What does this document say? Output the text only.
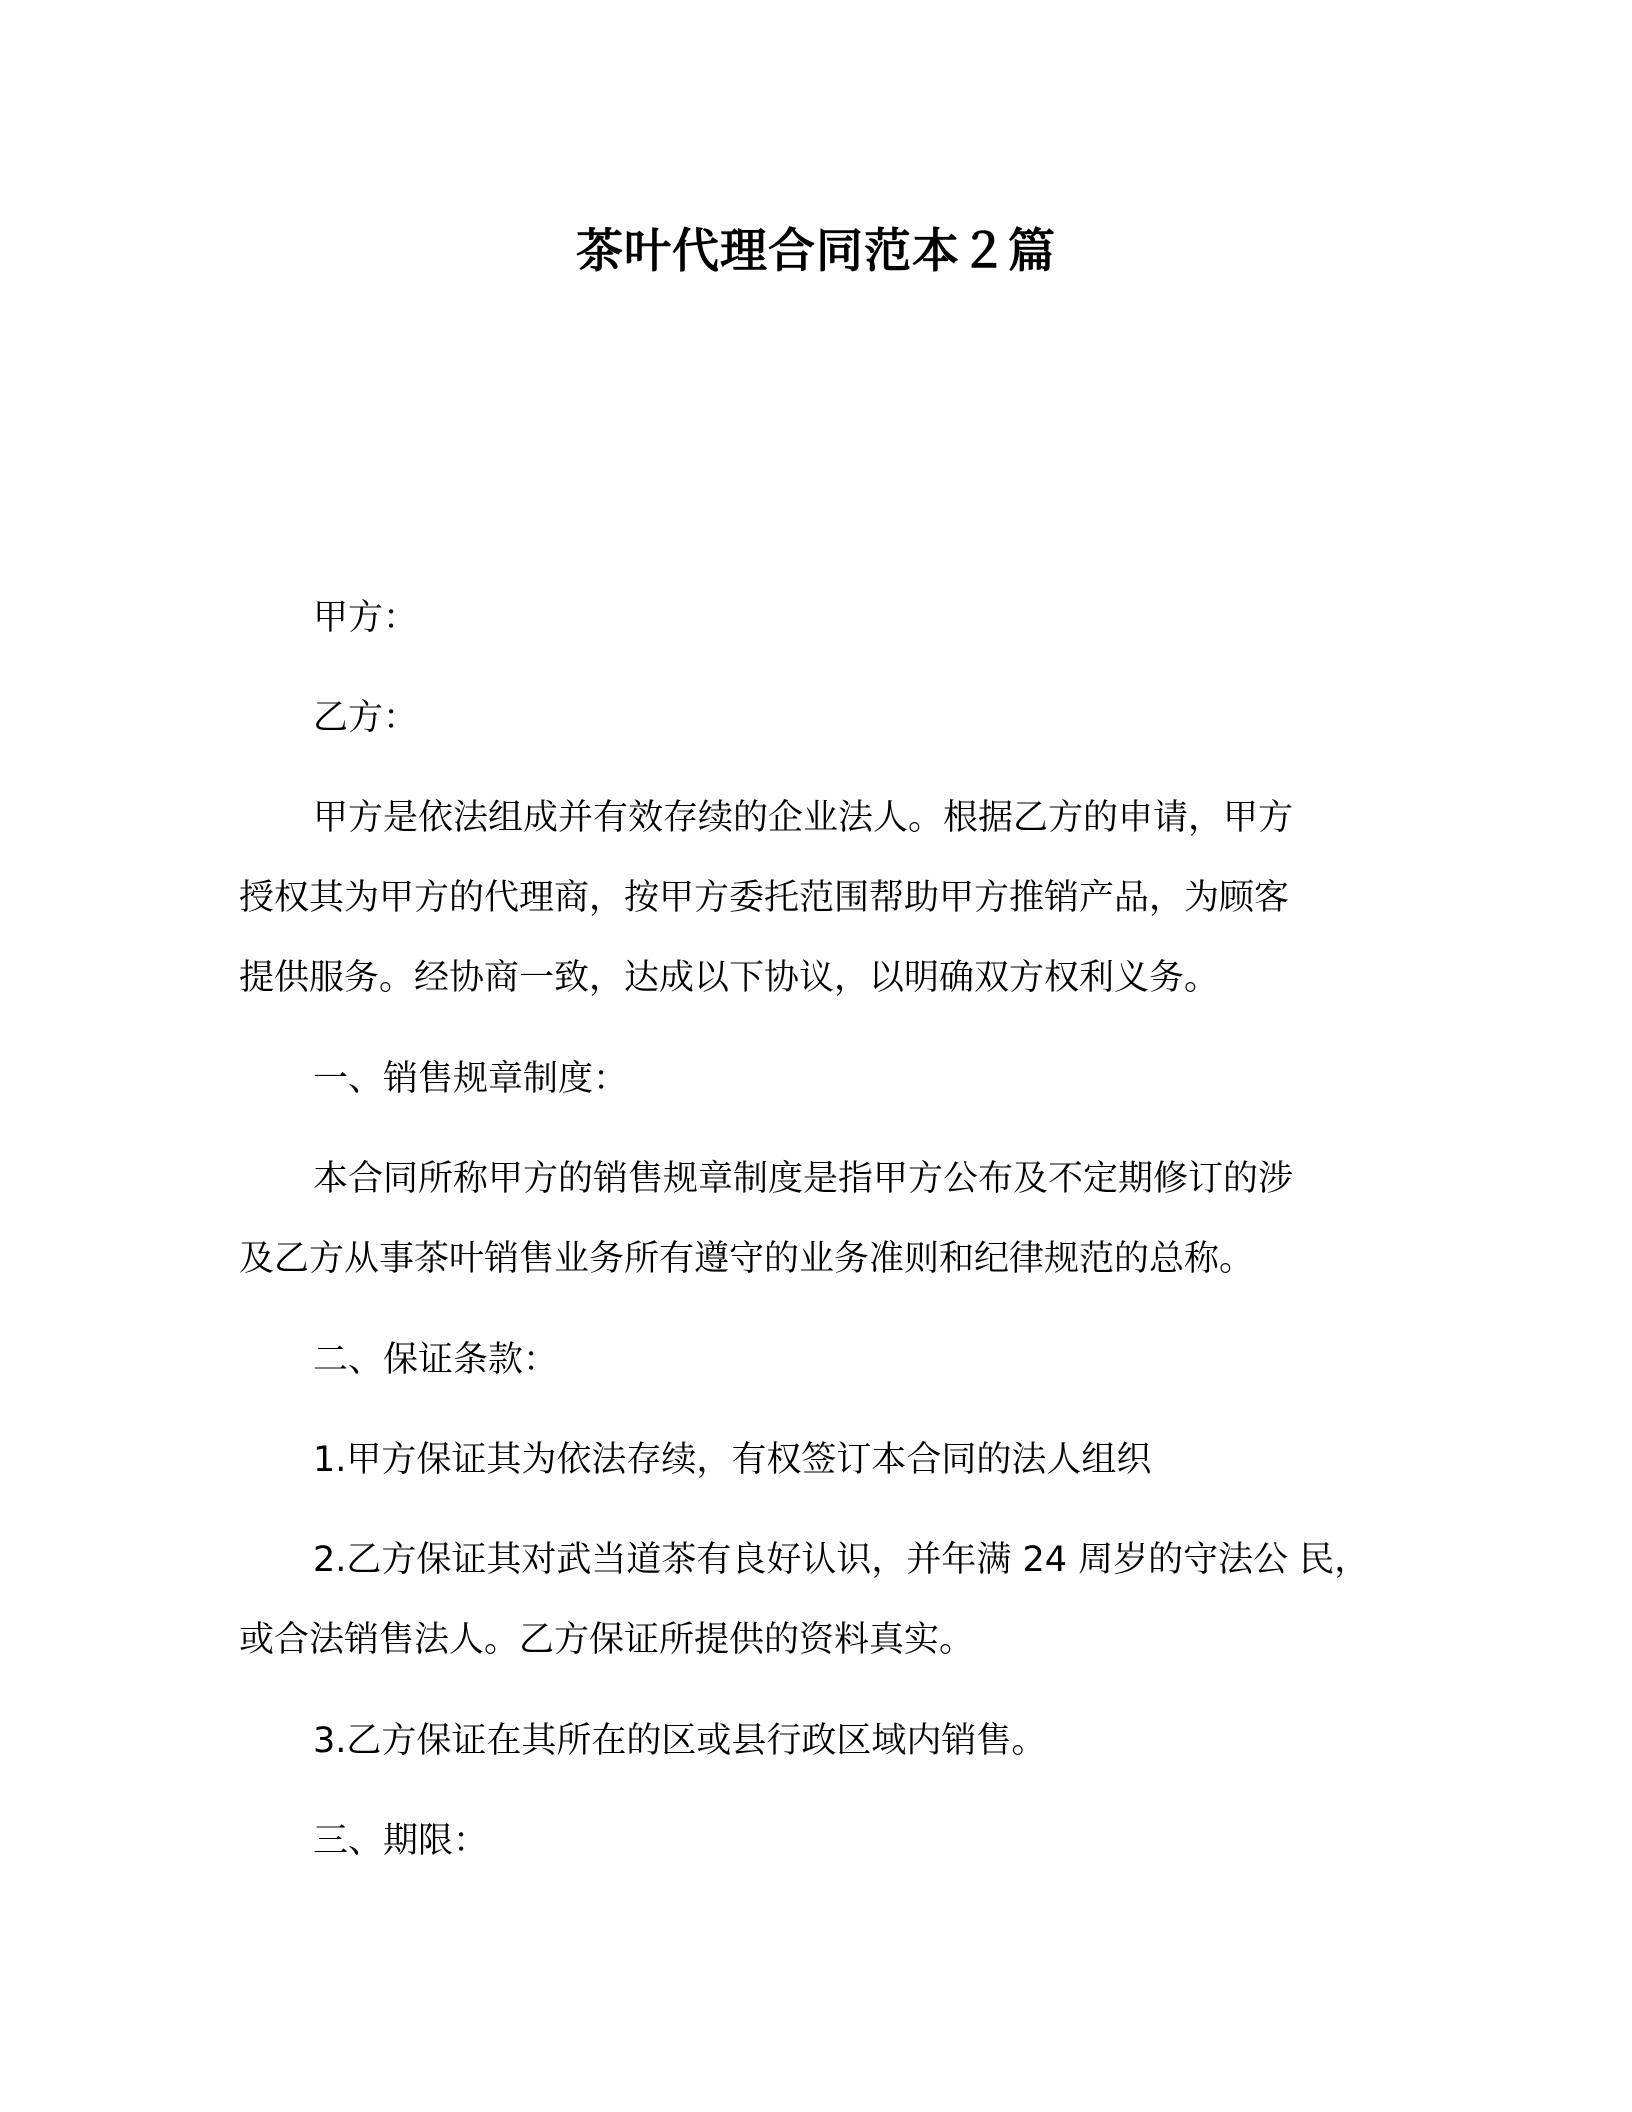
茶叶代理合同范本２篇
甲方：
乙方：
甲方是依法组成并有效存续的企业法人。根据乙方的申请，甲方
授权其为甲方的代理商，按甲方委托范围帮助甲方推销产品，为顾客
提供服务。经协商一致，达成以下协议，以明确双方权利义务。
一、销售规章制度：
本合同所称甲方的销售规章制度是指甲方公布及不定期修订的涉
及乙方从事茶叶销售业务所有遵守的业务准则和纪律规范的总称。
二、保证条款：
1.甲方保证其为依法存续，有权签订本合同的法人组织
2.乙方保证其对武当道茶有良好认识，并年满 24 周岁的守法公 民，
或合法销售法人。乙方保证所提供的资料真实。
3.乙方保证在其所在的区或县行政区域内销售。
三、期限：
